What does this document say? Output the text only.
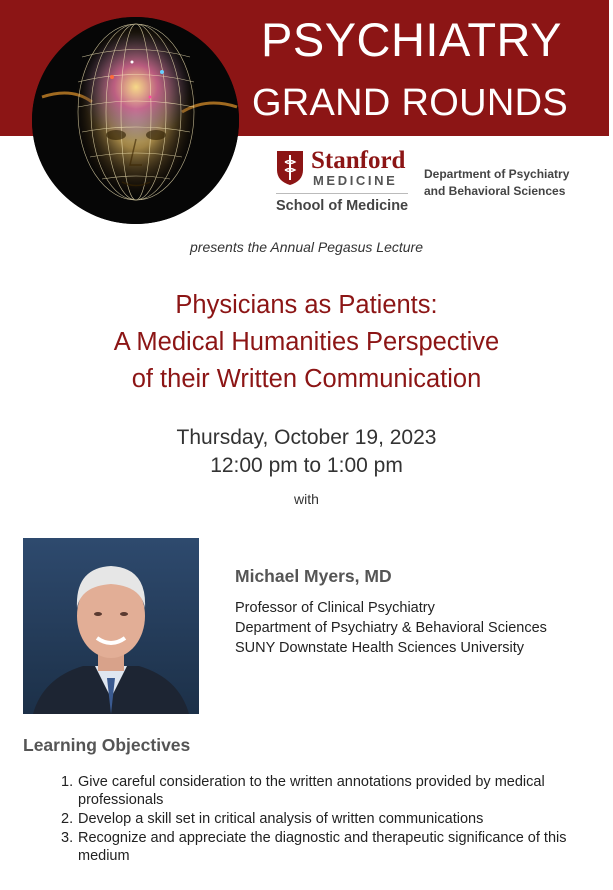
PSYCHIATRY
GRAND ROUNDS
Stanford
MEDICINE
School of Medicine
Department of Psychiatry
and Behavioral Sciences
presents the Annual Pegasus Lecture
Physicians as Patients:
A Medical Humanities Perspective
of their Written Communication
Thursday, October 19, 2023
12:00 pm to 1:00 pm
with
Michael Myers, MD
Professor of Clinical Psychiatry
Department of Psychiatry & Behavioral Sciences
SUNY Downstate Health Sciences University
Learning Objectives
1. Give careful consideration to the written annotations provided by medical professionals
2. Develop a skill set in critical analysis of written communications
3. Recognize and appreciate the diagnostic and therapeutic significance of this medium
